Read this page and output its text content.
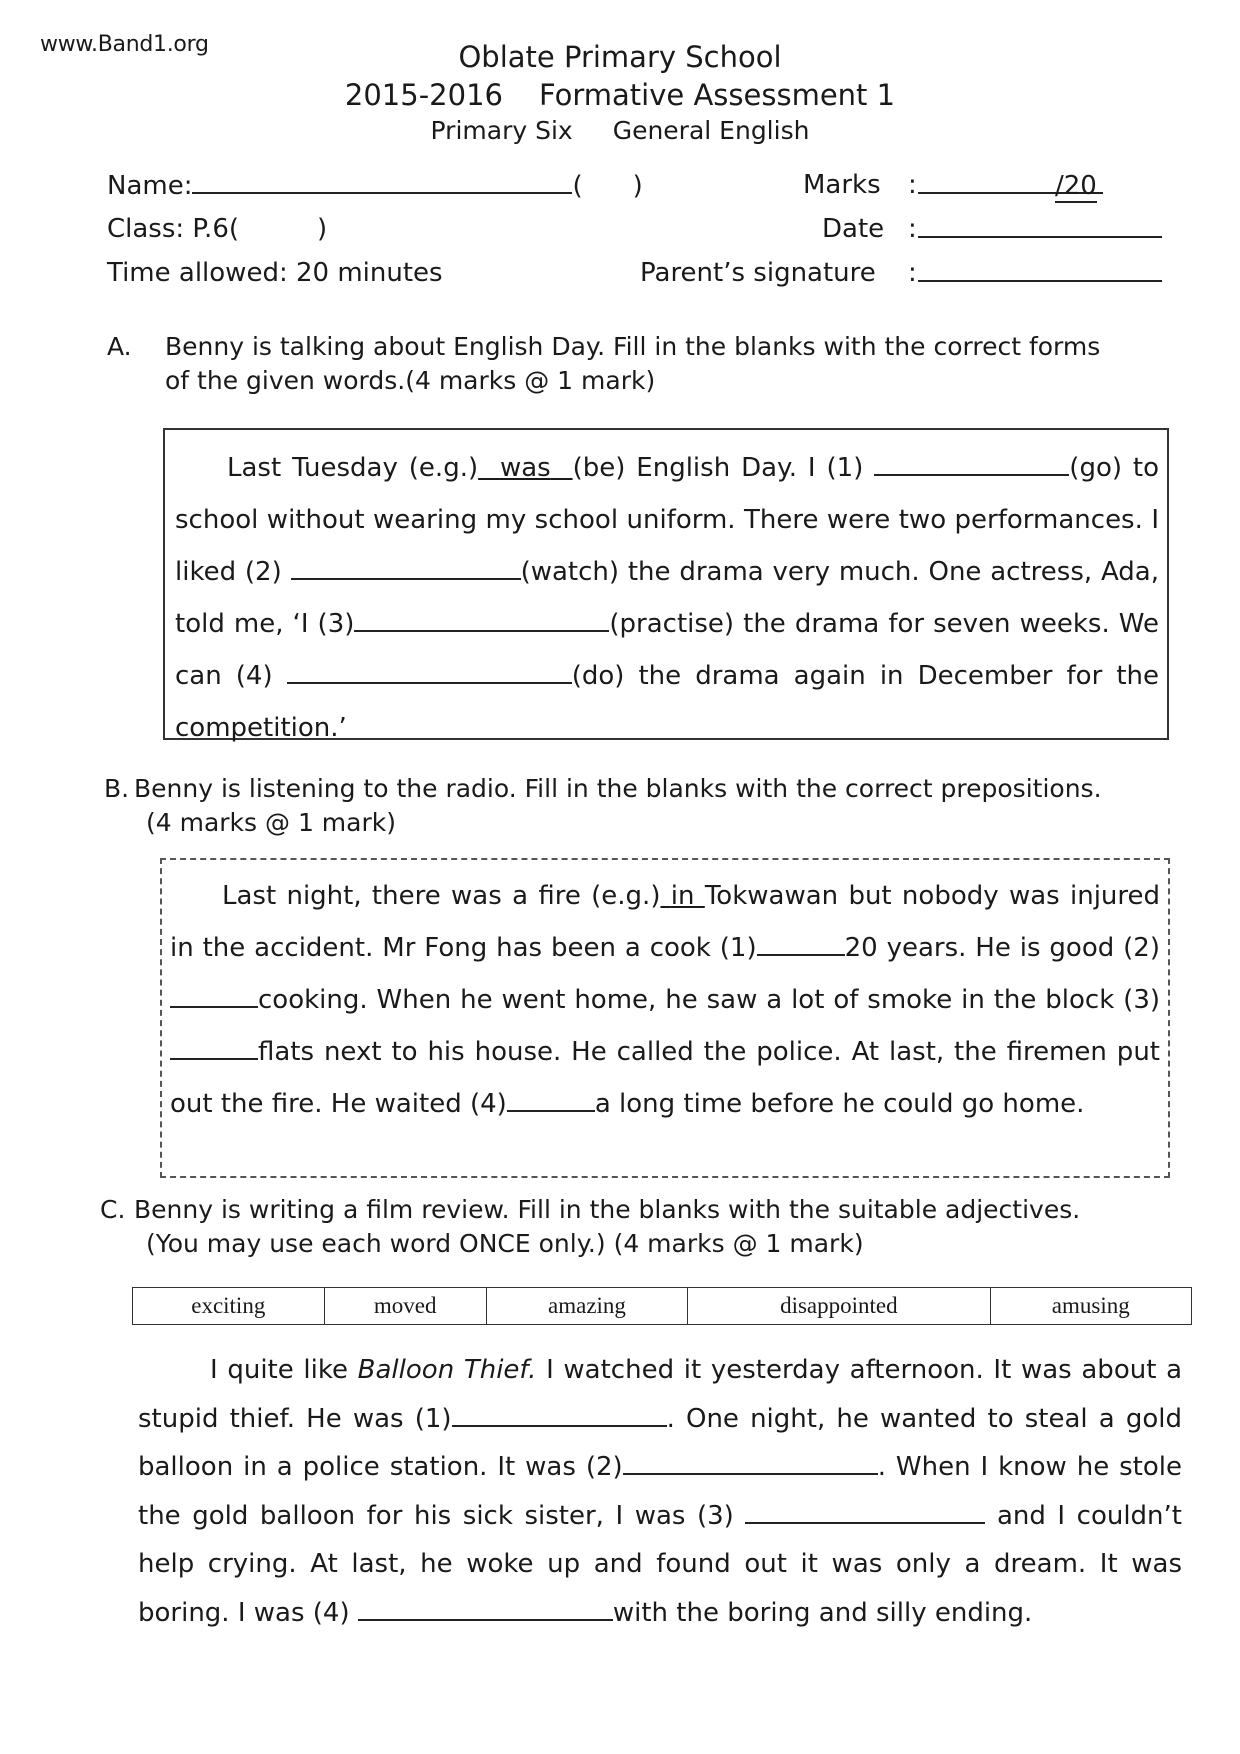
www.Band1.org	Oblate Primary School
2015-2016 Formative Assessment 1
Primary Six General English
Name:	( )
Class: P.6(	)
Time allowed: 20 minutes
Marks :	/20
Date :
Parent’s signature :
A. Benny is talking about English Day. Fill in the blanks with the correct forms
of the given words.(4 marks @ 1 mark)
Last Tuesday (e.g.) was (be) English Day. I (1)	(go) to school without wearing my school uniform. There were two performances. I liked (2)	(watch) the drama very much. One actress, Ada, told me, ‘I (3)	(practise) the drama for seven weeks. We can (4)	(do) the drama again in December for the competition.’
B. Benny is listening to the radio. Fill in the blanks with the correct prepositions.
(4 marks @ 1 mark)
Last night, there was a fire (e.g.) in Tokwawan but nobody was injured in the accident. Mr Fong has been a cook (1)	20 years. He is good (2) cooking. When he went home, he saw a lot of smoke in the block (3)flats next to his house. He called the police. At last, the firemen put out the fire. He waited (4)	a long time before he could go home.
C. Benny is writing a film review. Fill in the blanks with the suitable adjectives.
(You may use each word ONCE only.) (4 marks @ 1 mark)
exciting	moved	amazing	disappointed	amusing
I quite like Balloon Thief. I watched it yesterday afternoon. It was about a stupid thief. He was (1)	. One night, he wanted to steal a gold balloon in a police station. It was (2)	. When I know he stole the gold balloon for his sick sister, I was (3)	and I couldn’t help crying. At last, he woke up and found out it was only a dream. It was boring. I was (4)	with the boring and silly ending.
